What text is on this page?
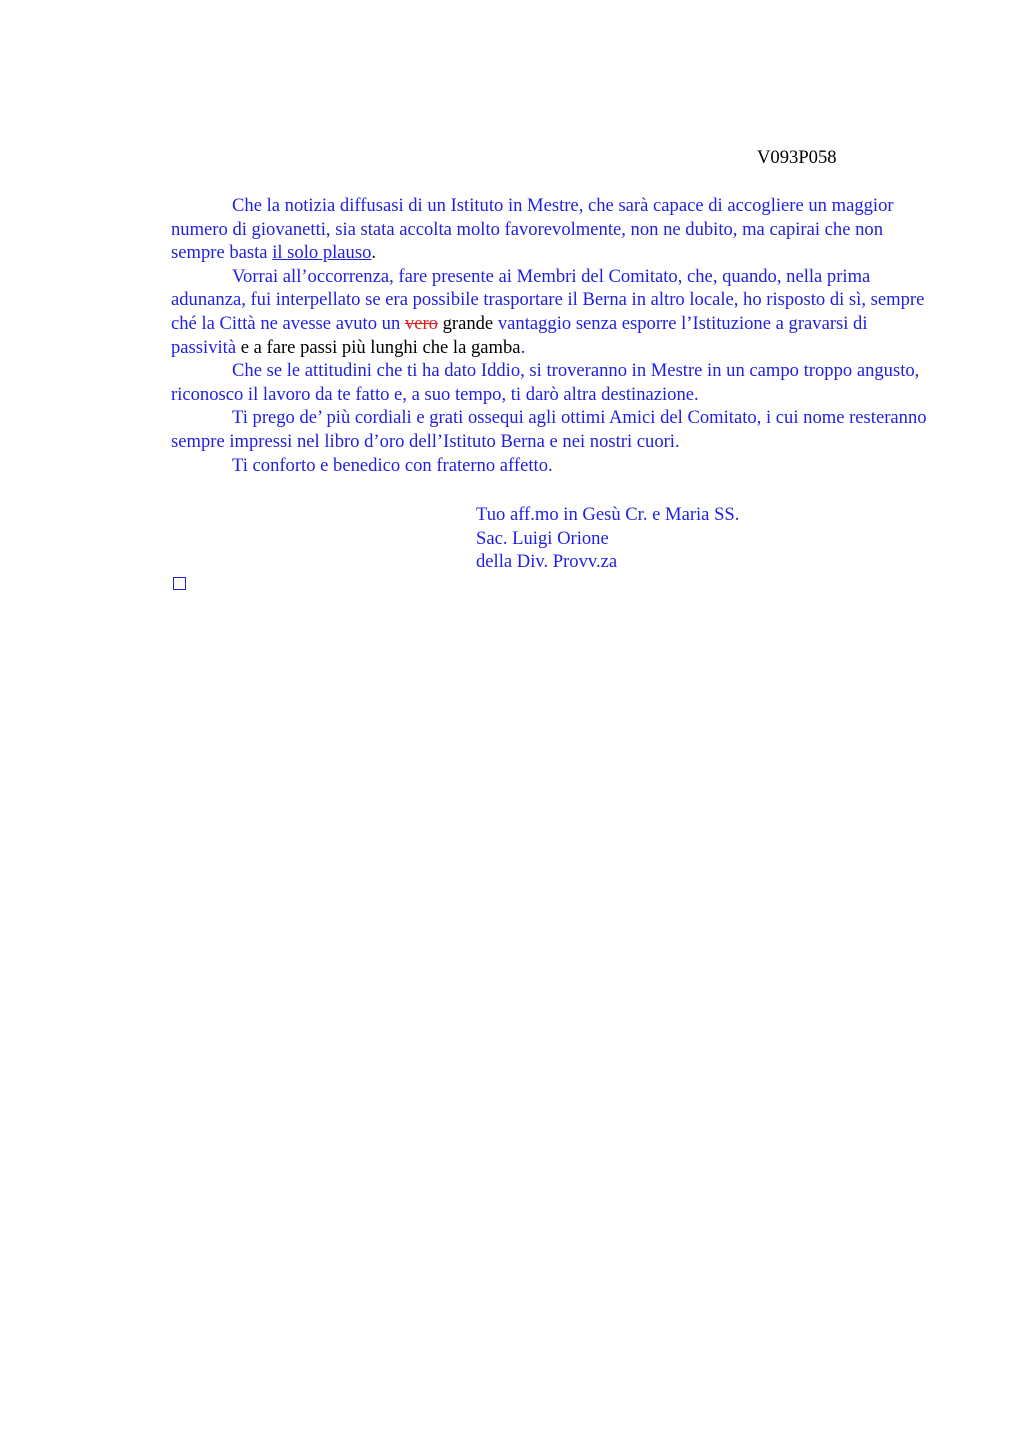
V093P058

Che la notizia diffusasi di un Istituto in Mestre, che sarà capace di accogliere un maggior numero di giovanetti, sia stata accolta molto favorevolmente, non ne dubito, ma capirai che non sempre basta il solo plauso.

Vorrai all’occorrenza, fare presente ai Membri del Comitato, che, quando, nella prima adunanza, fui interpellato se era possibile trasportare il Berna in altro locale, ho risposto di sì, sempre ché la Città ne avesse avuto un vero grande vantaggio senza esporre l’Istituzione a gravarsi di passività e a fare passi più lunghi che la gamba.

Che se le attitudini che ti ha dato Iddio, si troveranno in Mestre in un campo troppo angusto, riconosco il lavoro da te fatto e, a suo tempo, ti darò altra destinazione.

Ti prego de’ più cordiali e grati ossequi agli ottimi Amici del Comitato, i cui nome resteranno sempre impressi nel libro d’oro dell’Istituto Berna e nei nostri cuori.

Ti conforto e benedico con fraterno affetto.

Tuo aff.mo in Gesù Cr. e Maria SS.
Sac. Luigi Orione
della Div. Provv.za
